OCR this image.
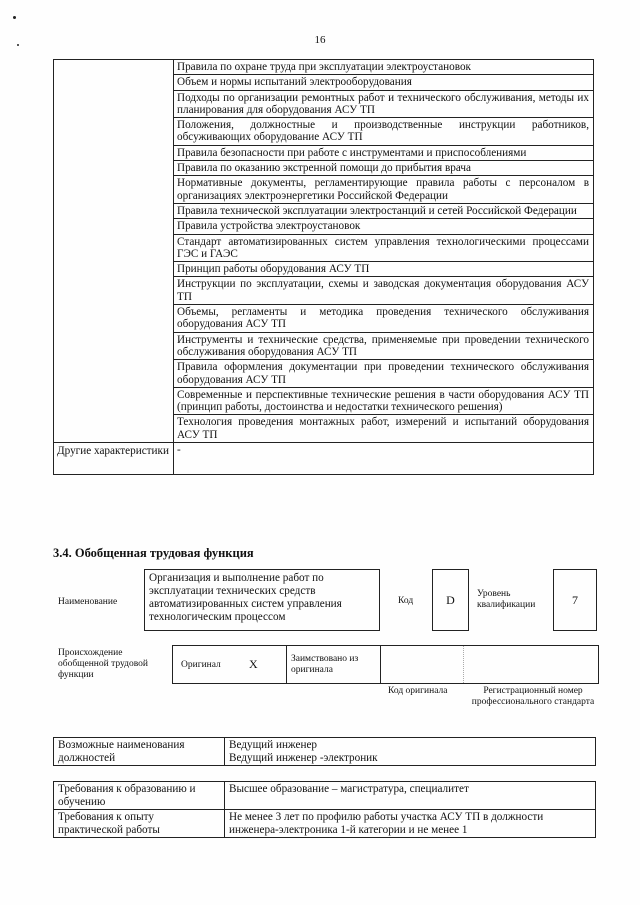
16
	Правила по охране труда при эксплуатации электроустановок
	Объем и нормы испытаний электрооборудования
	Подходы по организации ремонтных работ и технического обслуживания, методы их планирования для оборудования АСУ ТП
	Положения, должностные и производственные инструкции работников, обсуживающих оборудование АСУ ТП
	Правила безопасности при работе с инструментами и приспособлениями
	Правила по оказанию экстренной помощи до прибытия врача
	Нормативные документы, регламентирующие правила работы с персоналом в организациях электроэнергетики Российской Федерации
	Правила технической эксплуатации электростанций и сетей Российской Федерации
	Правила устройства электроустановок
	Стандарт автоматизированных систем управления технологическими процессами ГЭС и ГАЭС
	Принцип работы оборудования АСУ ТП
	Инструкции по эксплуатации, схемы и заводская документация оборудования АСУ ТП
	Объемы, регламенты и методика проведения технического обслуживания оборудования АСУ ТП
	Инструменты и технические средства, применяемые при проведении технического обслуживания оборудования АСУ ТП
	Правила оформления документации при проведении технического обслуживания оборудования АСУ ТП
	Современные и перспективные технические решения в части оборудования АСУ ТП (принцип работы, достоинства и недостатки технического решения)
	Технология проведения монтажных работ, измерений и испытаний оборудования АСУ ТП
Другие характеристики	-
3.4. Обобщенная трудовая функция
Наименование
Организация и выполнение работ по эксплуатации технических средств автоматизированных систем управления технологическим процессом
Код	D	Уровень квалификации	7
Происхождение обобщенной трудовой функции
Оригинал X	Заимствовано из оригинала
Код оригинала	Регистрационный номер профессионального стандарта
Возможные наименования должностей	
Ведущий инженер
Ведущий инженер -электроник
Требования к образованию и обучению	Высшее образование – магистратура, специалитет
Требования к опыту практической работы	Не менее 3 лет по профилю работы участка АСУ ТП в должности инженера-электроника 1-й категории и не менее 1
